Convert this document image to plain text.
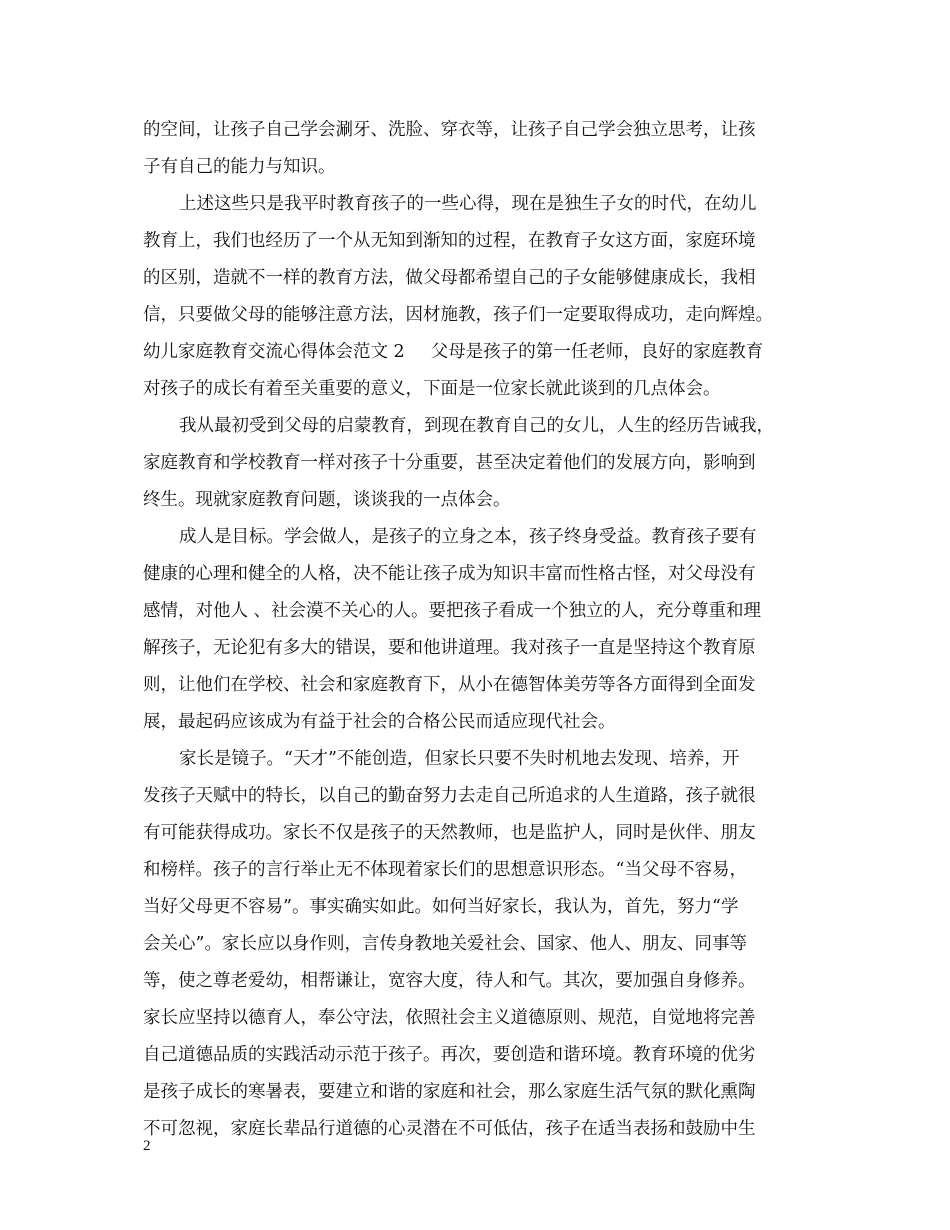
的空间，让孩子自己学会涮牙、洗脸、穿衣等，让孩子自己学会独立思考，让孩
子有自己的能力与知识。
上述这些只是我平时教育孩子的一些心得，现在是独生子女的时代，在幼儿
教育上，我们也经历了一个从无知到渐知的过程，在教育子女这方面，家庭环境
的区别，造就不一样的教育方法，做父母都希望自己的子女能够健康成长，我相
信，只要做父母的能够注意方法，因材施教，孩子们一定要取得成功，走向辉煌。
幼儿家庭教育交流心得体会范文 2 父母是孩子的第一任老师，良好的家庭教育
对孩子的成长有着至关重要的意义，下面是一位家长就此谈到的几点体会。
我从最初受到父母的启蒙教育，到现在教育自己的女儿，人生的经历告诫我，
家庭教育和学校教育一样对孩子十分重要，甚至决定着他们的发展方向，影响到
终生。现就家庭教育问题，谈谈我的一点体会。
成人是目标。学会做人，是孩子的立身之本，孩子终身受益。教育孩子要有
健康的心理和健全的人格，决不能让孩子成为知识丰富而性格古怪，对父母没有
感情，对他人 、社会漠不关心的人。要把孩子看成一个独立的人，充分尊重和理
解孩子，无论犯有多大的错误，要和他讲道理。我对孩子一直是坚持这个教育原
则，让他们在学校、社会和家庭教育下，从小在德智体美劳等各方面得到全面发
展，最起码应该成为有益于社会的合格公民而适应现代社会。
家长是镜子。“天才”不能创造，但家长只要不失时机地去发现、培养，开
发孩子天赋中的特长，以自己的勤奋努力去走自己所追求的人生道路，孩子就很
有可能获得成功。家长不仅是孩子的天然教师，也是监护人，同时是伙伴、朋友
和榜样。孩子的言行举止无不体现着家长们的思想意识形态。“当父母不容易，
当好父母更不容易”。事实确实如此。如何当好家长，我认为，首先，努力“学
会关心”。家长应以身作则，言传身教地关爱社会、国家、他人、朋友、同事等
等，使之尊老爱幼，相帮谦让，宽容大度，待人和气。其次，要加强自身修养。
家长应坚持以德育人，奉公守法，依照社会主义道德原则、规范，自觉地将完善
自己道德品质的实践活动示范于孩子。再次，要创造和谐环境。教育环境的优劣
是孩子成长的寒暑表，要建立和谐的家庭和社会，那么家庭生活气氛的默化熏陶
不可忽视，家庭长辈品行道德的心灵潜在不可低估，孩子在适当表扬和鼓励中生
2
